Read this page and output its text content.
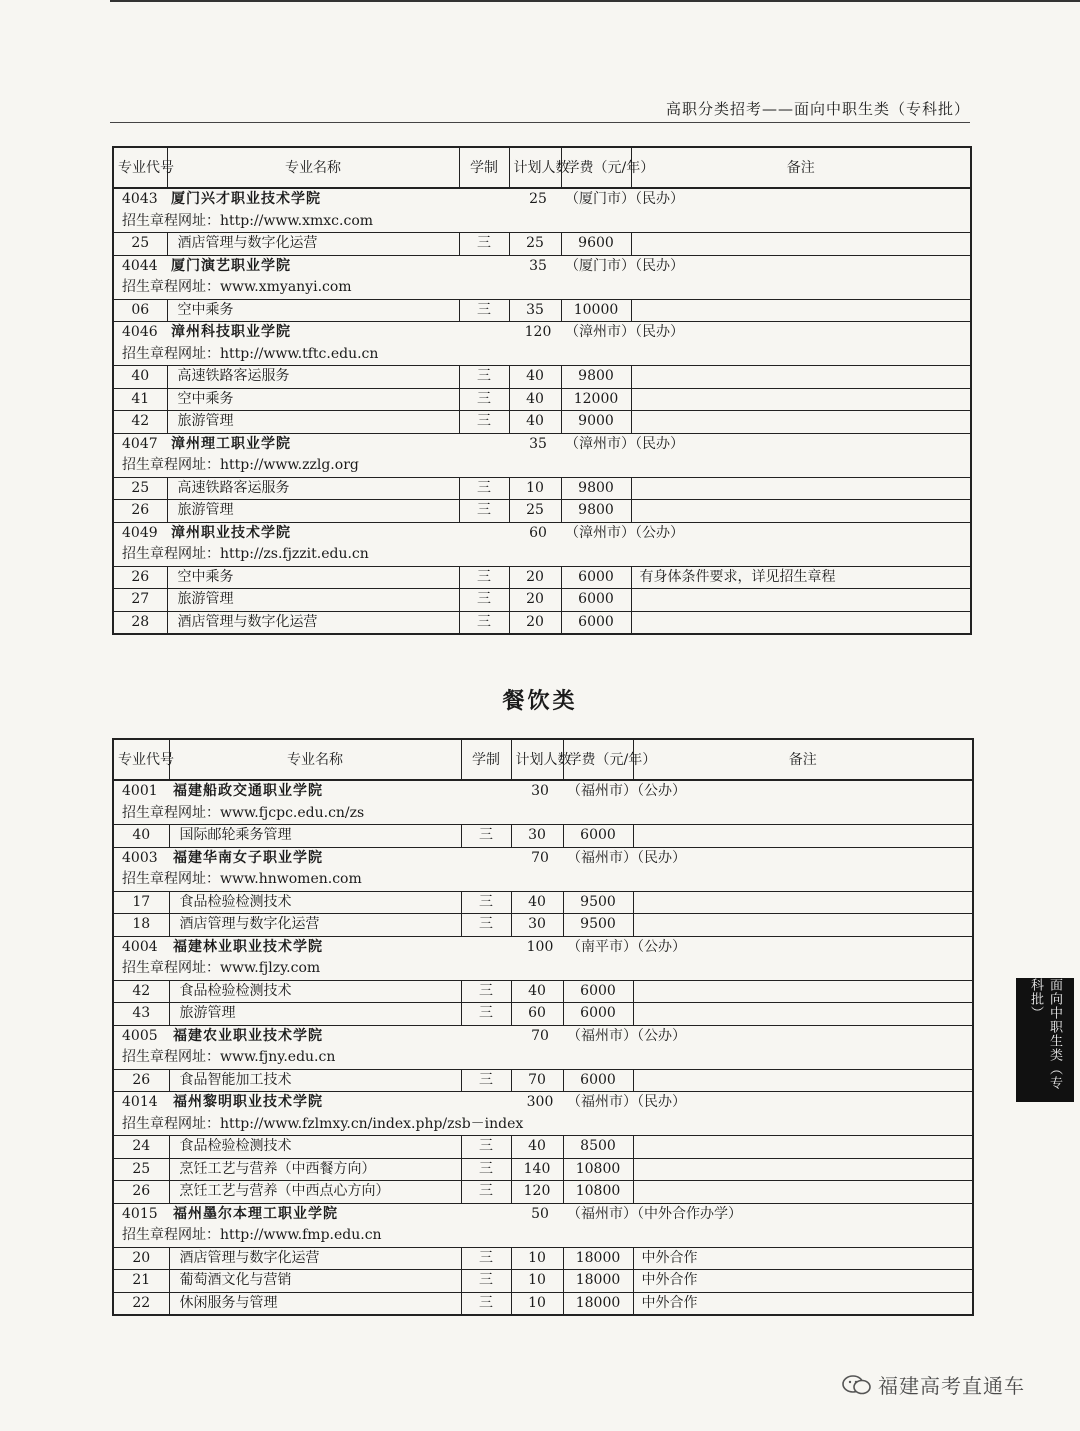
高职分类招考——面向中职生类（专科批）
专业代号	专业名称	学制	计划人数	学费（元/年）	备注
4043	厦门兴才职业技术学院		25	（厦门市）（民办）	
招生章程网址：http://www.xmxc.com					
25	酒店管理与数字化运营	三	25	9600	
4044	厦门演艺职业学院		35	（厦门市）（民办）	
招生章程网址：www.xmyanyi.com					
06	空中乘务	三	35	10000	
4046	漳州科技职业学院		120	（漳州市）（民办）	
招生章程网址：http://www.tftc.edu.cn					
40	高速铁路客运服务	三	40	9800	
41	空中乘务	三	40	12000	
42	旅游管理	三	40	9000	
4047	漳州理工职业学院		35	（漳州市）（民办）	
招生章程网址：http://www.zzlg.org					
25	高速铁路客运服务	三	10	9800	
26	旅游管理	三	25	9800	
4049	漳州职业技术学院		60	（漳州市）（公办）	
招生章程网址：http://zs.fjzzit.edu.cn					
26	空中乘务	三	20	6000	有身体条件要求，详见招生章程
27	旅游管理	三	20	6000	
28	酒店管理与数字化运营	三	20	6000	
餐饮类
专业代号	专业名称	学制	计划人数	学费（元/年）	备注
4001	福建船政交通职业学院		30	（福州市）（公办）	
招生章程网址：www.fjcpc.edu.cn/zs					
40	国际邮轮乘务管理	三	30	6000	
4003	福建华南女子职业学院		70	（福州市）（民办）	
招生章程网址：www.hnwomen.com					
17	食品检验检测技术	三	40	9500	
18	酒店管理与数字化运营	三	30	9500	
4004	福建林业职业技术学院		100	（南平市）（公办）	
招生章程网址：www.fjlzy.com					
42	食品检验检测技术	三	40	6000	
43	旅游管理	三	60	6000	
4005	福建农业职业技术学院		70	（福州市）（公办）	
招生章程网址：www.fjny.edu.cn					
26	食品智能加工技术	三	70	6000	
4014	福州黎明职业技术学院		300	（福州市）（民办）	
招生章程网址：http://www.fzlmxy.cn/index.php/zsb－index					
24	食品检验检测技术	三	40	8500	
25	烹饪工艺与营养（中西餐方向）	三	140	10800	
26	烹饪工艺与营养（中西点心方向）	三	120	10800	
4015	福州墨尔本理工职业学院		50	（福州市）（中外合作办学）	
招生章程网址：http://www.fmp.edu.cn					
20	酒店管理与数字化运营	三	10	18000	中外合作
21	葡萄酒文化与营销	三	10	18000	中外合作
22	休闲服务与管理	三	10	18000	中外合作
面向中职生类（专科批）
福建高考直通车
